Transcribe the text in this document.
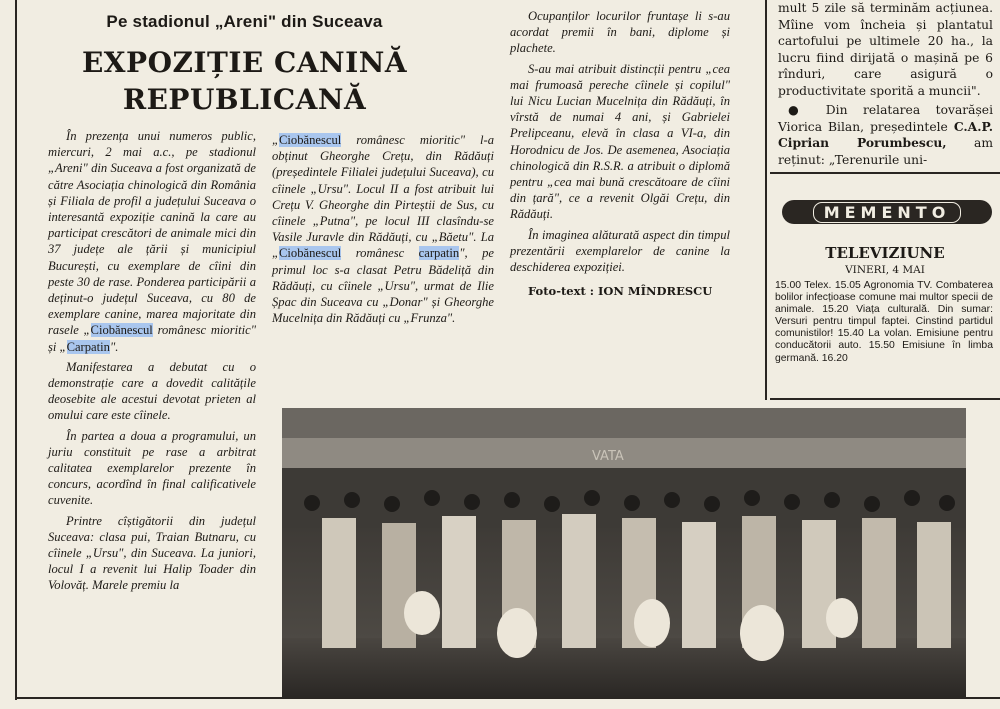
Pe stadionul „Areni" din Suceava
EXPOZIȚIE CANINĂ
REPUBLICANĂ

În prezența unui numeros public, miercuri, 2 mai a.c., pe stadionul „Areni" din Suceava a fost organizată de către Asociația chinologică din România și Filiala de profil a județului Suceava o interesantă expoziție canină la care au participat crescători de animale mici din 37 județe ale țării și municipiul București, cu exemplare de cîini din peste 30 de rase. Ponderea participării a deținut-o județul Suceava, cu 80 de exemplare canine, marea majoritate din rasele „Ciobănescul românesc mioritic" și „Carpatin".

Manifestarea a debutat cu o demonstrație care a dovedit calitățile deosebite ale acestui devotat prieten al omului care este cîinele.

În partea a doua a programului, un juriu constituit pe rase a arbitrat calitatea exemplarelor prezente în concurs, acordînd în final calificativele cuvenite.

Printre cîștigătorii din județul Suceava: clasa pui, Traian Butnaru, cu cîinele „Ursu", din Suceava. La juniori, locul I a revenit lui Halip Toader din Volovăț. Marele premiu la

„Ciobănescul românesc mioritic" l-a obținut Gheorghe Crețu, din Rădăuți (președintele Filialei județului Suceava), cu cîinele „Ursu". Locul II a fost atribuit lui Crețu V. Gheorghe din Pirteștii de Sus, cu cîinele „Putna", pe locul III clasîndu-se Vasile Juravle din Rădăuți, cu „Băetu". La „Ciobănescul românesc carpatin", pe primul loc s-a clasat Petru Bădeliță din Rădăuți, cu cîinele „Ursu", urmat de Ilie Șpac din Suceava cu „Donar" și Gheorghe Mucelnița din Rădăuți cu „Frunza".

Ocupanților locurilor fruntașe li s-au acordat premii în bani, diplome și plachete.

S-au mai atribuit distincții pentru „cea mai frumoasă pereche cîinele și copilul" lui Nicu Lucian Mucelnița din Rădăuți, în vîrstă de numai 4 ani, și Gabrielei Prelipceanu, elevă în clasa a VI-a, din Horodnicu de Jos. De asemenea, Asociația chinologică din R.S.R. a atribuit o diplomă pentru „cea mai bună crescătoare de cîini din țară", ce a revenit Olgăi Crețu, din Rădăuți.

În imaginea alăturată aspect din timpul prezentării exemplarelor de canine la deschiderea expoziției.

Foto-text : ION MÎNDRESCU

mult 5 zile să terminăm acțiunea. Mîine vom încheia și plantatul cartofului pe ultimele 20 ha., la lucru fiind dirijată o mașină pe 6 rînduri, care asigură o productivitate sporită a muncii".

● Din relatarea tovarășei Viorica Bilan, președintele C.A.P. Ciprian Porumbescu, am reținut: „Terenurile uni-

MEMENTO
TELEVIZIUNE
VINERI, 4 MAI
15.00 Telex. 15.05 Agronomia TV. Combaterea bolilor infecțioase comune mai multor specii de animale. 15.20 Viața culturală. Din sumar: Versuri pentru timpul faptei. Cinstind partidul comunistilor! 15.40 La volan. Emisiune pentru conducătorii auto. 15.50 Emisiune în limba germană. 16.20
VATA
